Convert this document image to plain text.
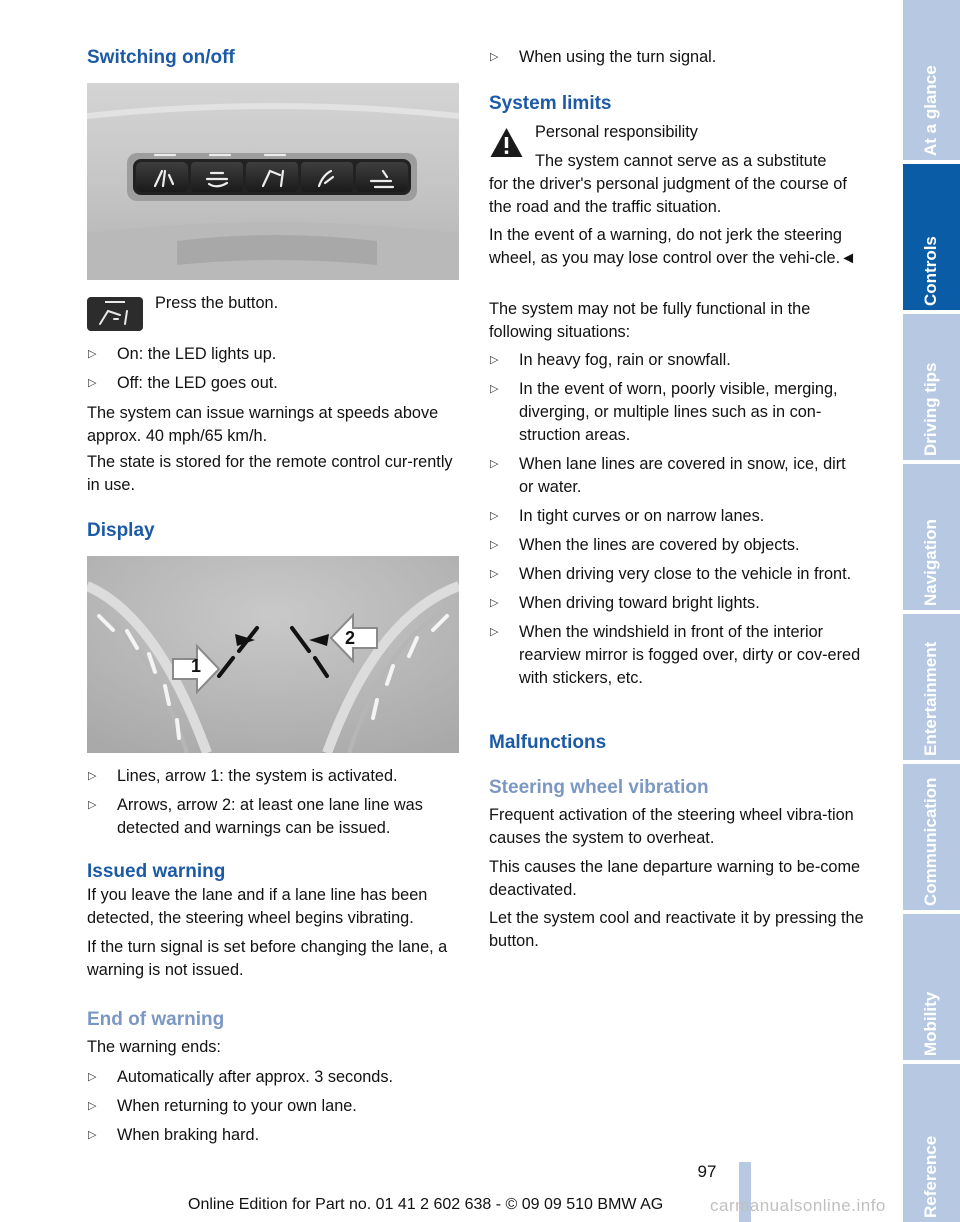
Switching on/off

Press the button.

▷ On: the LED lights up.
▷ Off: the LED goes out.

The system can issue warnings at speeds above approx. 40 mph/65 km/h.

The state is stored for the remote control cur-rently in use.

Display
1
2
▷ Lines, arrow 1: the system is activated.
▷ Arrows, arrow 2: at least one lane line was detected and warnings can be issued.
Issued warning

If you leave the lane and if a lane line has been detected, the steering wheel begins vibrating.

If the turn signal is set before changing the lane, a warning is not issued.

End of warning

The warning ends:

▷ Automatically after approx. 3 seconds.
▷ When returning to your own lane.
▷ When braking hard.
▷ When using the turn signal.
System limits

Personal responsibility

The system cannot serve as a substitute

for the driver's personal judgment of the course of the road and the traffic situation.

In the event of a warning, do not jerk the steering wheel, as you may lose control over the vehi-cle.◄

The system may not be fully functional in the following situations:

▷ In heavy fog, rain or snowfall.
▷ In the event of worn, poorly visible, merging, diverging, or multiple lines such as in con-struction areas.
▷ When lane lines are covered in snow, ice, dirt or water.
▷ In tight curves or on narrow lanes.
▷ When the lines are covered by objects.
▷ When driving very close to the vehicle in front.
▷ When driving toward bright lights.
▷ When the windshield in front of the interior rearview mirror is fogged over, dirty or cov-ered with stickers, etc.
Malfunctions
Steering wheel vibration

Frequent activation of the steering wheel vibra-tion causes the system to overheat.

This causes the lane departure warning to be-come deactivated.

Let the system cool and reactivate it by pressing the button.

At a glance
Controls
Driving tips
Navigation
Entertainment
Communication
Mobility
Reference
97
Online Edition for Part no. 01 41 2 602 638 - © 09 09 510 BMW AG	carmanualsonline.info
